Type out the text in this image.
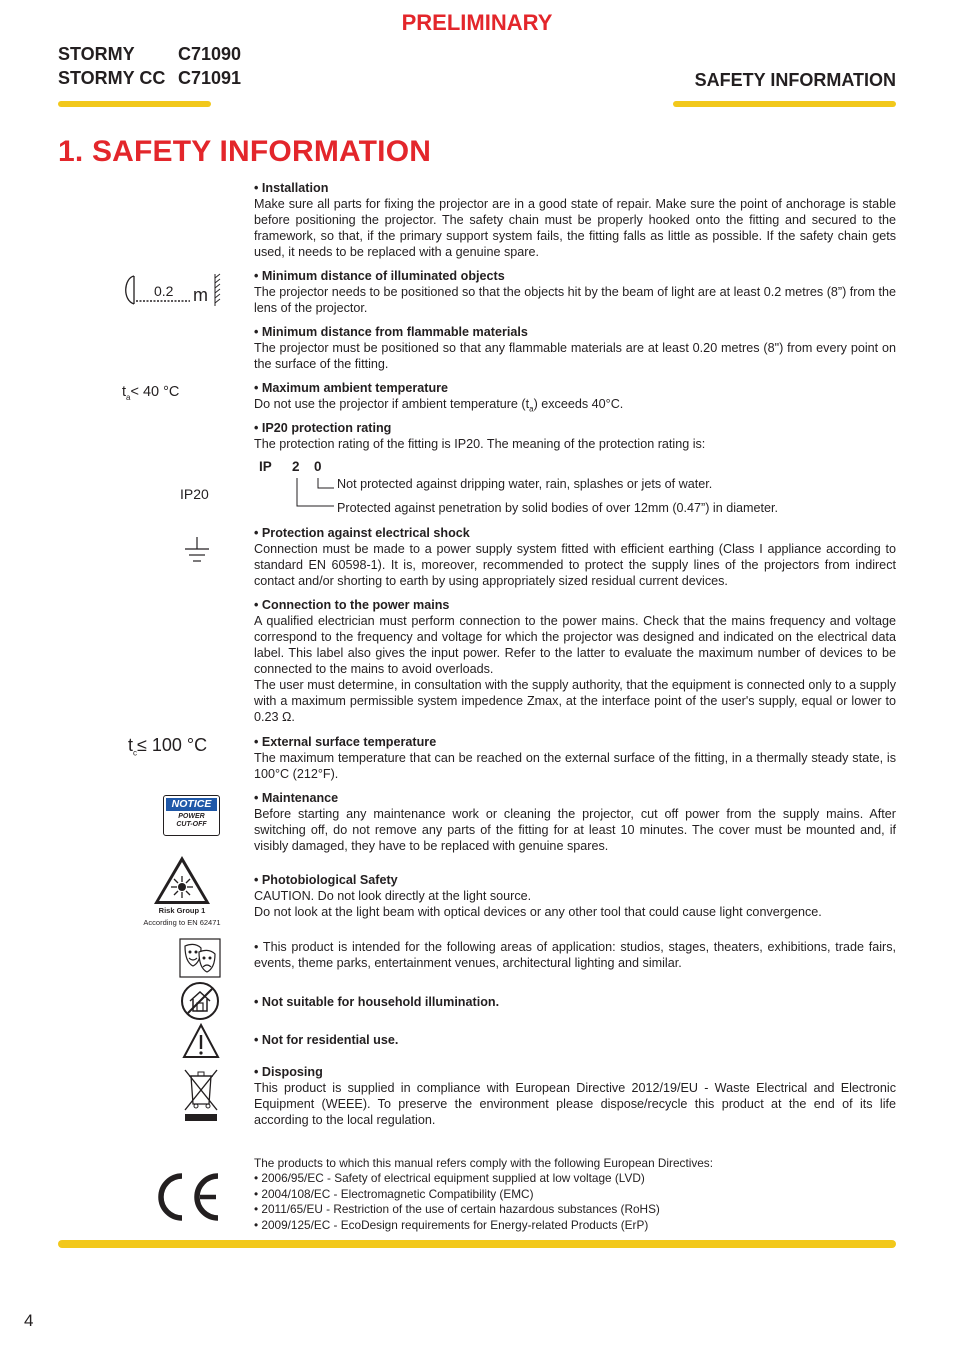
PRELIMINARY
STORMY C71090
STORMY CC C71091	SAFETY INFORMATION
1. SAFETY INFORMATION
• Installation

Make sure all parts for fixing the projector are in a good state of repair. Make sure the point of anchorage is stable before positioning the projector. The safety chain must be properly hooked onto the fitting and secured to the framework, so that, if the primary support system fails, the fitting falls as little as possible. If the safety chain gets used, it needs to be replaced with a genuine spare.

• Minimum distance of illuminated objects

The projector needs to be positioned so that the objects hit by the beam of light are at least 0.2 metres (8”) from the lens of the projector.

• Minimum distance from flammable materials

The projector must be positioned so that any flammable materials are at least 0.20 metres (8") from every point on the surface of the fitting.

• Maximum ambient temperature

Do not use the projector if ambient temperature $(t_a)$ exceeds 40°C.

• IP20 protection rating

The protection rating of the fitting is IP20. The meaning of the protection rating is:

IP 2 0
Not protected against dripping water, rain, splashes or jets of water.
Protected against penetration by solid bodies of over 12mm (0.47”) in diameter.
• Protection against electrical shock

Connection must be made to a power supply system fitted with efficient earthing (Class I appliance according to standard EN 60598-1). It is, moreover, recommended to protect the supply lines of the projectors from indirect contact and/or shorting to earth by using appropriately sized residual current devices.

• Connection to the power mains

A qualified electrician must perform connection to the power mains. Check that the mains frequency and voltage correspond to the frequency and voltage for which the projector was designed and indicated on the electrical data label. This label also gives the input power. Refer to the latter to evaluate the maximum number of devices to be connected to the mains to avoid overloads.

The user must determine, in consultation with the supply authority, that the equipment is connected only to a supply with a maximum permissible system impedence Zmax, at the interface point of the user's supply, equal or lower to 0.23 Ω.

• External surface temperature

The maximum temperature that can be reached on the external surface of the fitting, in a thermally steady state, is 100°C (212°F).

• Maintenance

Before starting any maintenance work or cleaning the projector, cut off power from the supply mains. After switching off, do not remove any parts of the fitting for at least 10 minutes. The cover must be mounted and, if visibly damaged, they have to be replaced with genuine spares.

• Photobiological Safety

CAUTION. Do not look directly at the light source.

Do not look at the light beam with optical devices or any other tool that could cause light convergence.

• This product is intended for the following areas of application: studios, stages, theaters, exhibitions, trade fairs, events, theme parks, entertainment venues, architectural lighting and similar.

• Not suitable for household illumination.
• Not for residential use.
• Disposing

This product is supplied in compliance with European Directive 2012/19/EU - Waste Electrical and Electronic Equipment (WEEE). To preserve the environment please dispose/recycle this product at the end of its life according to the local regulation.

The products to which this manual refers comply with the following European Directives:
• 2006/95/EC - Safety of electrical equipment supplied at low voltage (LVD)
• 2004/108/EC - Electromagnetic Compatibility (EMC)
• 2011/65/EU - Restriction of the use of certain hazardous substances (RoHS)
• 2009/125/EC - EcoDesign requirements for Energy-related Products (ErP)
4
0.2 m
$t_a< 40$ °C
IP20
$t_c\le 100$ °C
NOTICE
POWER
CUT-OFF
Risk Group 1
According to EN 62471
